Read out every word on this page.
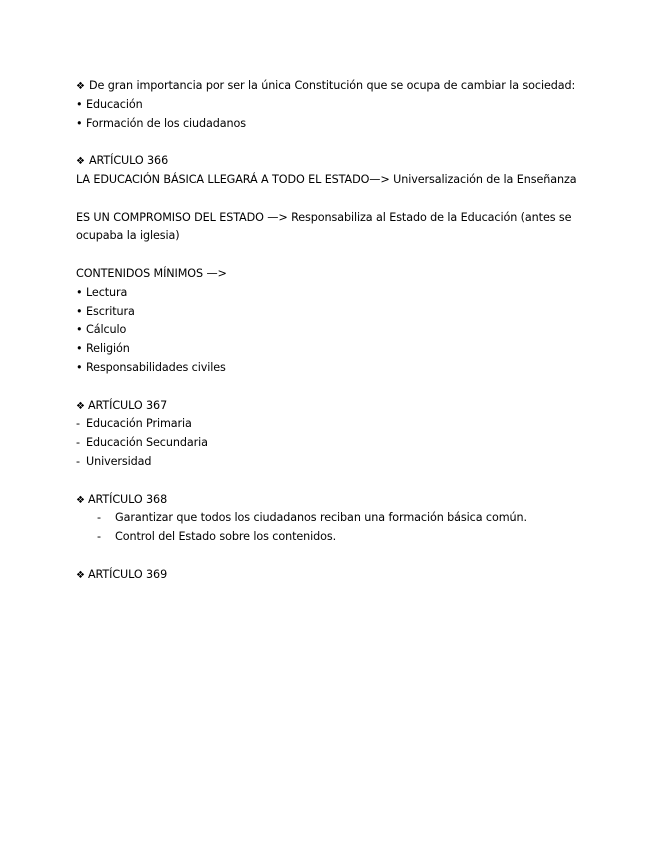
❖ De gran importancia por ser la única Constitución que se ocupa de cambiar la sociedad:
• Educación
• Formación de los ciudadanos
❖ ARTÍCULO 366
LA EDUCACIÓN BÁSICA LLEGARÁ A TODO EL ESTADO—> Universalización de la Enseñanza
ES UN COMPROMISO DEL ESTADO —> Responsabiliza al Estado de la Educación (antes se ocupaba la iglesia)
CONTENIDOS MÍNIMOS —>
• Lectura
• Escritura
• Cálculo
• Religión
• Responsabilidades civiles
❖ ARTÍCULO 367
- Educación Primaria
- Educación Secundaria
- Universidad
❖ ARTÍCULO 368
- Garantizar que todos los ciudadanos reciban una formación básica común.
- Control del Estado sobre los contenidos.
❖ ARTÍCULO 369
